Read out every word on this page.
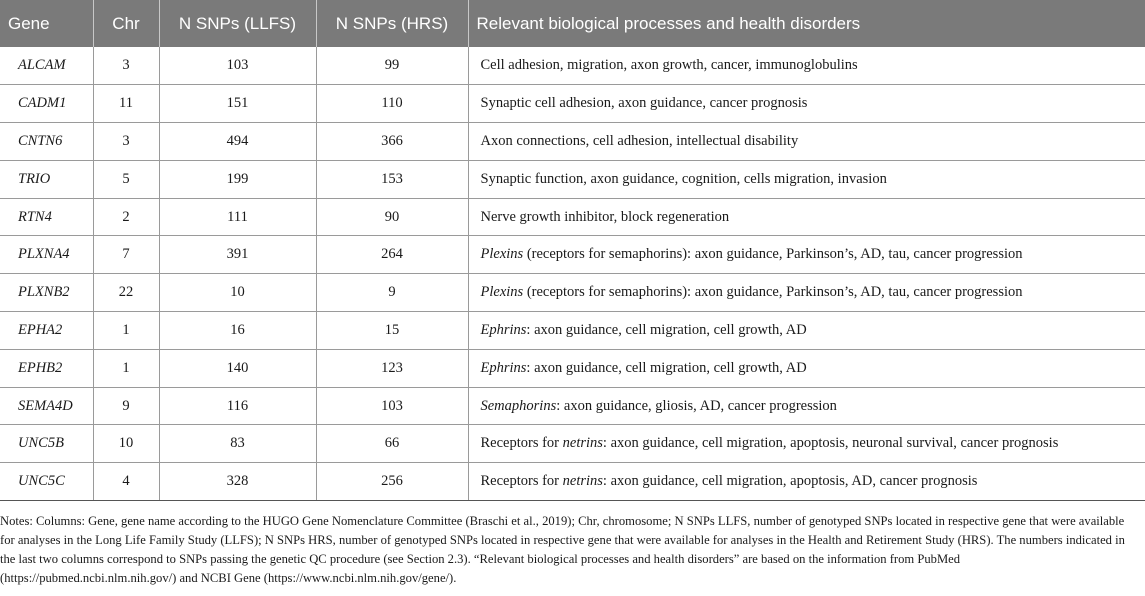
Gene	Chr	N SNPs (LLFS)	N SNPs (HRS)	Relevant biological processes and health disorders
ALCAM	3	103	99	Cell adhesion, migration, axon growth, cancer, immunoglobulins
CADM1	11	151	110	Synaptic cell adhesion, axon guidance, cancer prognosis
CNTN6	3	494	366	Axon connections, cell adhesion, intellectual disability
TRIO	5	199	153	Synaptic function, axon guidance, cognition, cells migration, invasion
RTN4	2	111	90	Nerve growth inhibitor, block regeneration
PLXNA4	7	391	264	Plexins (receptors for semaphorins): axon guidance, Parkinson’s, AD, tau, cancer progression
PLXNB2	22	10	9	Plexins (receptors for semaphorins): axon guidance, Parkinson’s, AD, tau, cancer progression
EPHA2	1	16	15	Ephrins: axon guidance, cell migration, cell growth, AD
EPHB2	1	140	123	Ephrins: axon guidance, cell migration, cell growth, AD
SEMA4D	9	116	103	Semaphorins: axon guidance, gliosis, AD, cancer progression
UNC5B	10	83	66	Receptors for netrins: axon guidance, cell migration, apoptosis, neuronal survival, cancer prognosis
UNC5C	4	328	256	Receptors for netrins: axon guidance, cell migration, apoptosis, AD, cancer prognosis
Notes: Columns: Gene, gene name according to the HUGO Gene Nomenclature Committee (Braschi et al., 2019); Chr, chromosome; N SNPs LLFS, number of genotyped SNPs located in respective gene that were available for analyses in the Long Life Family Study (LLFS); N SNPs HRS, number of genotyped SNPs located in respective gene that were available for analyses in the Health and Retirement Study (HRS). The numbers indicated in the last two columns correspond to SNPs passing the genetic QC procedure (see Section 2.3). “Relevant biological processes and health disorders” are based on the information from PubMed (https://pubmed.ncbi.nlm.nih.gov/) and NCBI Gene (https://www.ncbi.nlm.nih.gov/gene/).
